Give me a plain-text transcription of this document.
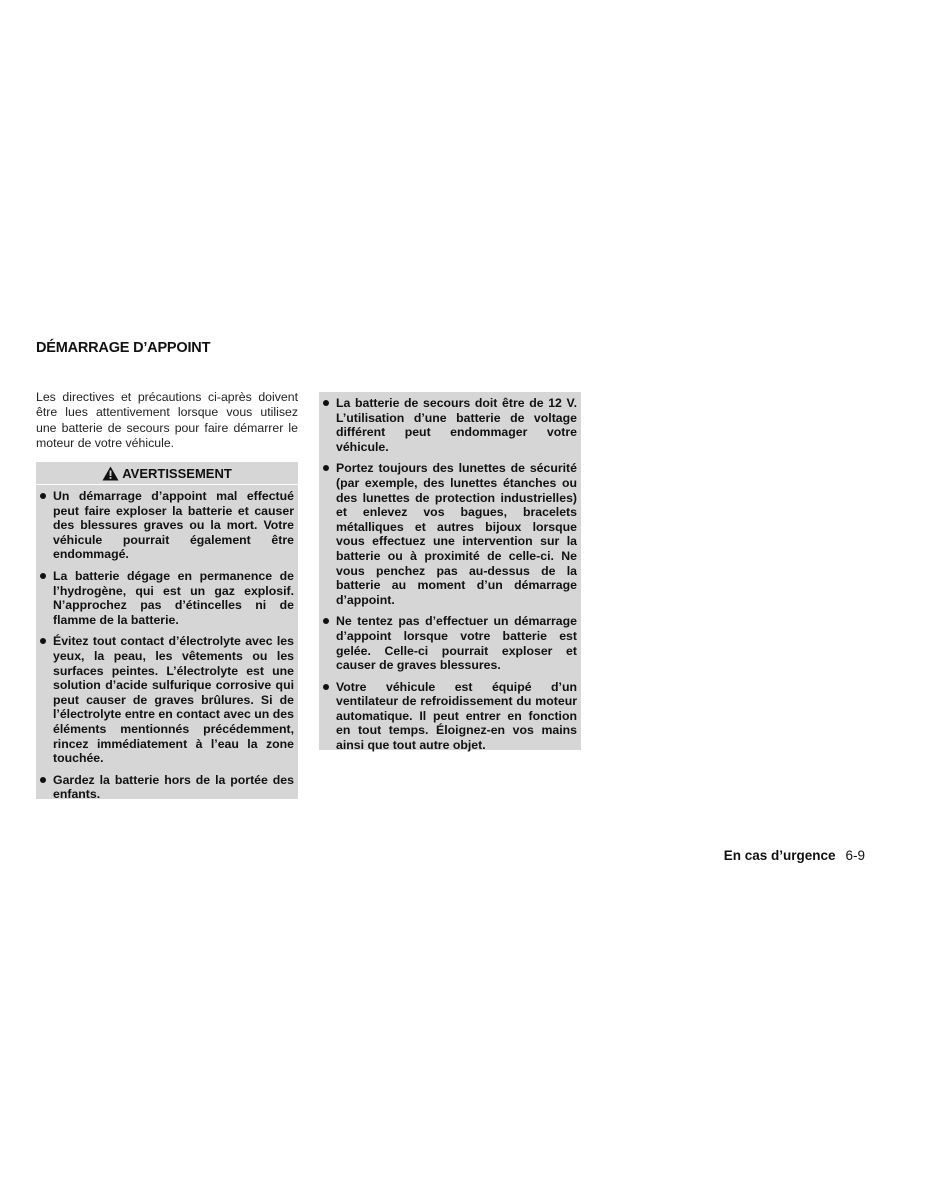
DÉMARRAGE D’APPOINT

Les directives et précautions ci-après doivent être lues attentivement lorsque vous utilisez une batterie de secours pour faire démarrer le moteur de votre véhicule.

AVERTISSEMENT
Un démarrage d’appoint mal effectué peut faire exploser la batterie et causer des blessures graves ou la mort. Votre véhicule pourrait également être endommagé.
La batterie dégage en permanence de l’hydrogène, qui est un gaz explosif. N’approchez pas d’étincelles ni de flamme de la batterie.
Évitez tout contact d’électrolyte avec les yeux, la peau, les vêtements ou les surfaces peintes. L’électrolyte est une solution d’acide sulfurique corrosive qui peut causer de graves brûlures. Si de l’électrolyte entre en contact avec un des éléments mentionnés précédemment, rincez immédiatement à l’eau la zone touchée.
Gardez la batterie hors de la portée des enfants.
La batterie de secours doit être de 12 V. L’utilisation d’une batterie de voltage différent peut endommager votre véhicule.
Portez toujours des lunettes de sécurité (par exemple, des lunettes étanches ou des lunettes de protection industrielles) et enlevez vos bagues, bracelets métalliques et autres bijoux lorsque vous effectuez une intervention sur la batterie ou à proximité de celle-ci. Ne vous penchez pas au-dessus de la batterie au moment d’un démarrage d’appoint.
Ne tentez pas d’effectuer un démarrage d’appoint lorsque votre batterie est gelée. Celle-ci pourrait exploser et causer de graves blessures.
Votre véhicule est équipé d’un ventilateur de refroidissement du moteur automatique. Il peut entrer en fonction en tout temps. Éloignez-en vos mains ainsi que tout autre objet.
En cas d’urgence 6-9
